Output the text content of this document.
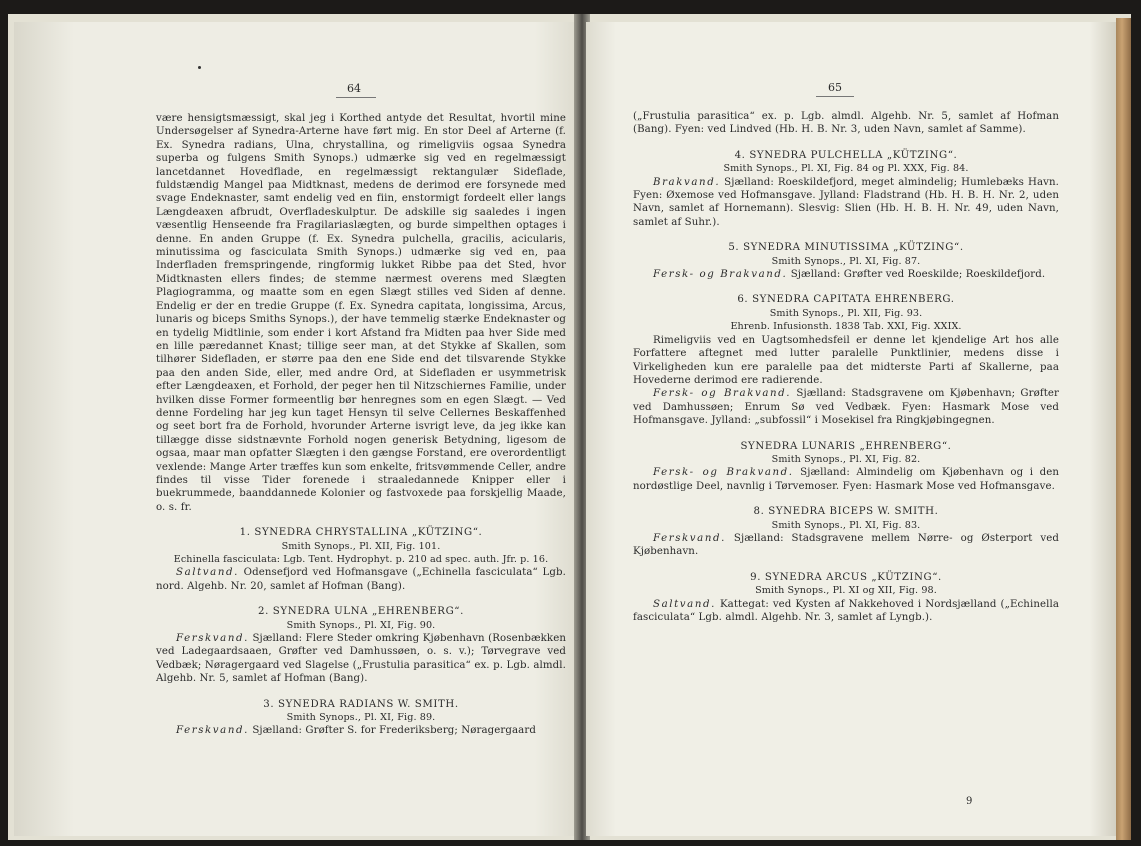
64

være hensigtsmæssigt, skal jeg i Korthed antyde det Resultat, hvortil mine Undersøgelser af Synedra-Arterne have ført mig. En stor Deel af Arterne (f. Ex. Synedra radians, Ulna, chrystallina, og rimeligviis ogsaa Synedra superba og fulgens Smith Synops.) udmærke sig ved en regelmæssigt lancetdannet Hovedflade, en regelmæssigt rektangulær Sideflade, fuldstændig Mangel paa Midtknast, medens de derimod ere forsynede med svage Endeknaster, samt endelig ved en fiin, enstormigt fordeelt eller langs Længdeaxen afbrudt, Overfladeskulptur. De adskille sig saaledes i ingen væsentlig Henseende fra Fragilariaslægten, og burde simpelthen optages i denne. En anden Gruppe (f. Ex. Synedra pulchella, gracilis, acicularis, minutissima og fasciculata Smith Synops.) udmærke sig ved en, paa Inderfladen fremspringende, ringformig lukket Ribbe paa det Sted, hvor Midtknasten ellers findes; de stemme nærmest overens med Slægten Plagiogramma, og maatte som en egen Slægt stilles ved Siden af denne. Endelig er der en tredie Gruppe (f. Ex. Synedra capitata, longissima, Arcus, lunaris og biceps Smiths Synops.), der have temmelig stærke Endeknaster og en tydelig Midtlinie, som ender i kort Afstand fra Midten paa hver Side med en lille pæredannet Knast; tillige seer man, at det Stykke af Skallen, som tilhører Sidefladen, er større paa den ene Side end det tilsvarende Stykke paa den anden Side, eller, med andre Ord, at Sidefladen er usymmetrisk efter Længdeaxen, et Forhold, der peger hen til Nitzschiernes Familie, under hvilken disse Former formeentlig bør henregnes som en egen Slægt. — Ved denne Fordeling har jeg kun taget Hensyn til selve Cellernes Beskaffenhed og seet bort fra de Forhold, hvorunder Arterne isvrigt leve, da jeg ikke kan tillægge disse sidstnævnte Forhold nogen generisk Betydning, ligesom de ogsaa, maar man opfatter Slægten i den gængse Forstand, ere overordentligt vexlende: Mange Arter træffes kun som enkelte, fritsvømmende Celler, andre findes til visse Tider forenede i straaledannede Knipper eller i buekrummede, baanddannede Kolonier og fastvoxede paa forskjellig Maade, o. s. fr.

1. SYNEDRA CHRYSTALLINA „KÜTZING“.
Smith Synops., Pl. XII, Fig. 101.
Echinella fasciculata: Lgb. Tent. Hydrophyt. p. 210 ad spec. auth. Jfr. p. 16.

Saltvand. Odensefjord ved Hofmansgave („Echinella fasciculata“ Lgb. nord. Algehb. Nr. 20, samlet af Hofman (Bang).

2. SYNEDRA ULNA „EHRENBERG“.
Smith Synops., Pl. XI, Fig. 90.

Ferskvand. Sjælland: Flere Steder omkring Kjøbenhavn (Rosenbækken ved Ladegaardsaaen, Grøfter ved Damhussøen, o. s. v.); Tørvegrave ved Vedbæk; Nøragergaard ved Slagelse („Frustulia parasitica“ ex. p. Lgb. almdl. Algehb. Nr. 5, samlet af Hofman (Bang).

3. SYNEDRA RADIANS W. SMITH.
Smith Synops., Pl. XI, Fig. 89.

Ferskvand. Sjælland: Grøfter S. for Frederiksberg; Nøragergaard

65

(„Frustulia parasitica“ ex. p. Lgb. almdl. Algehb. Nr. 5, samlet af Hofman (Bang). Fyen: ved Lindved (Hb. H. B. Nr. 3, uden Navn, samlet af Samme).

4. SYNEDRA PULCHELLA „KÜTZING“.
Smith Synops., Pl. XI, Fig. 84 og Pl. XXX, Fig. 84.

Brakvand. Sjælland: Roeskildefjord, meget almindelig; Humlebæks Havn. Fyen: Øxemose ved Hofmansgave. Jylland: Fladstrand (Hb. H. B. H. Nr. 2, uden Navn, samlet af Hornemann). Slesvig: Slien (Hb. H. B. H. Nr. 49, uden Navn, samlet af Suhr.).

5. SYNEDRA MINUTISSIMA „KÜTZING“.
Smith Synops., Pl. XI, Fig. 87.

Fersk- og Brakvand. Sjælland: Grøfter ved Roeskilde; Roeskildefjord.

6. SYNEDRA CAPITATA EHRENBERG.
Smith Synops., Pl. XII, Fig. 93.
Ehrenb. Infusionsth. 1838 Tab. XXI, Fig. XXIX.

Rimeligviis ved en Uagtsomhedsfeil er denne let kjendelige Art hos alle Forfattere aftegnet med lutter paralelle Punktlinier, medens disse i Virkeligheden kun ere paralelle paa det midterste Parti af Skallerne, paa Hovederne derimod ere radierende.

Fersk- og Brakvand. Sjælland: Stadsgravene om Kjøbenhavn; Grøfter ved Damhussøen; Enrum Sø ved Vedbæk. Fyen: Hasmark Mose ved Hofmansgave. Jylland: „subfossil“ i Mosekisel fra Ringkjøbingegnen.

SYNEDRA LUNARIS „EHRENBERG“.
Smith Synops., Pl. XI, Fig. 82.

Fersk- og Brakvand. Sjælland: Almindelig om Kjøbenhavn og i den nordøstlige Deel, navnlig i Tørvemoser. Fyen: Hasmark Mose ved Hofmansgave.

8. SYNEDRA BICEPS W. SMITH.
Smith Synops., Pl. XI, Fig. 83.

Ferskvand. Sjælland: Stadsgravene mellem Nørre- og Østerport ved Kjøbenhavn.

9. SYNEDRA ARCUS „KÜTZING“.
Smith Synops., Pl. XI og XII, Fig. 98.

Saltvand. Kattegat: ved Kysten af Nakkehoved i Nordsjælland („Echinella fasciculata“ Lgb. almdl. Algehb. Nr. 3, samlet af Lyngb.).

9
